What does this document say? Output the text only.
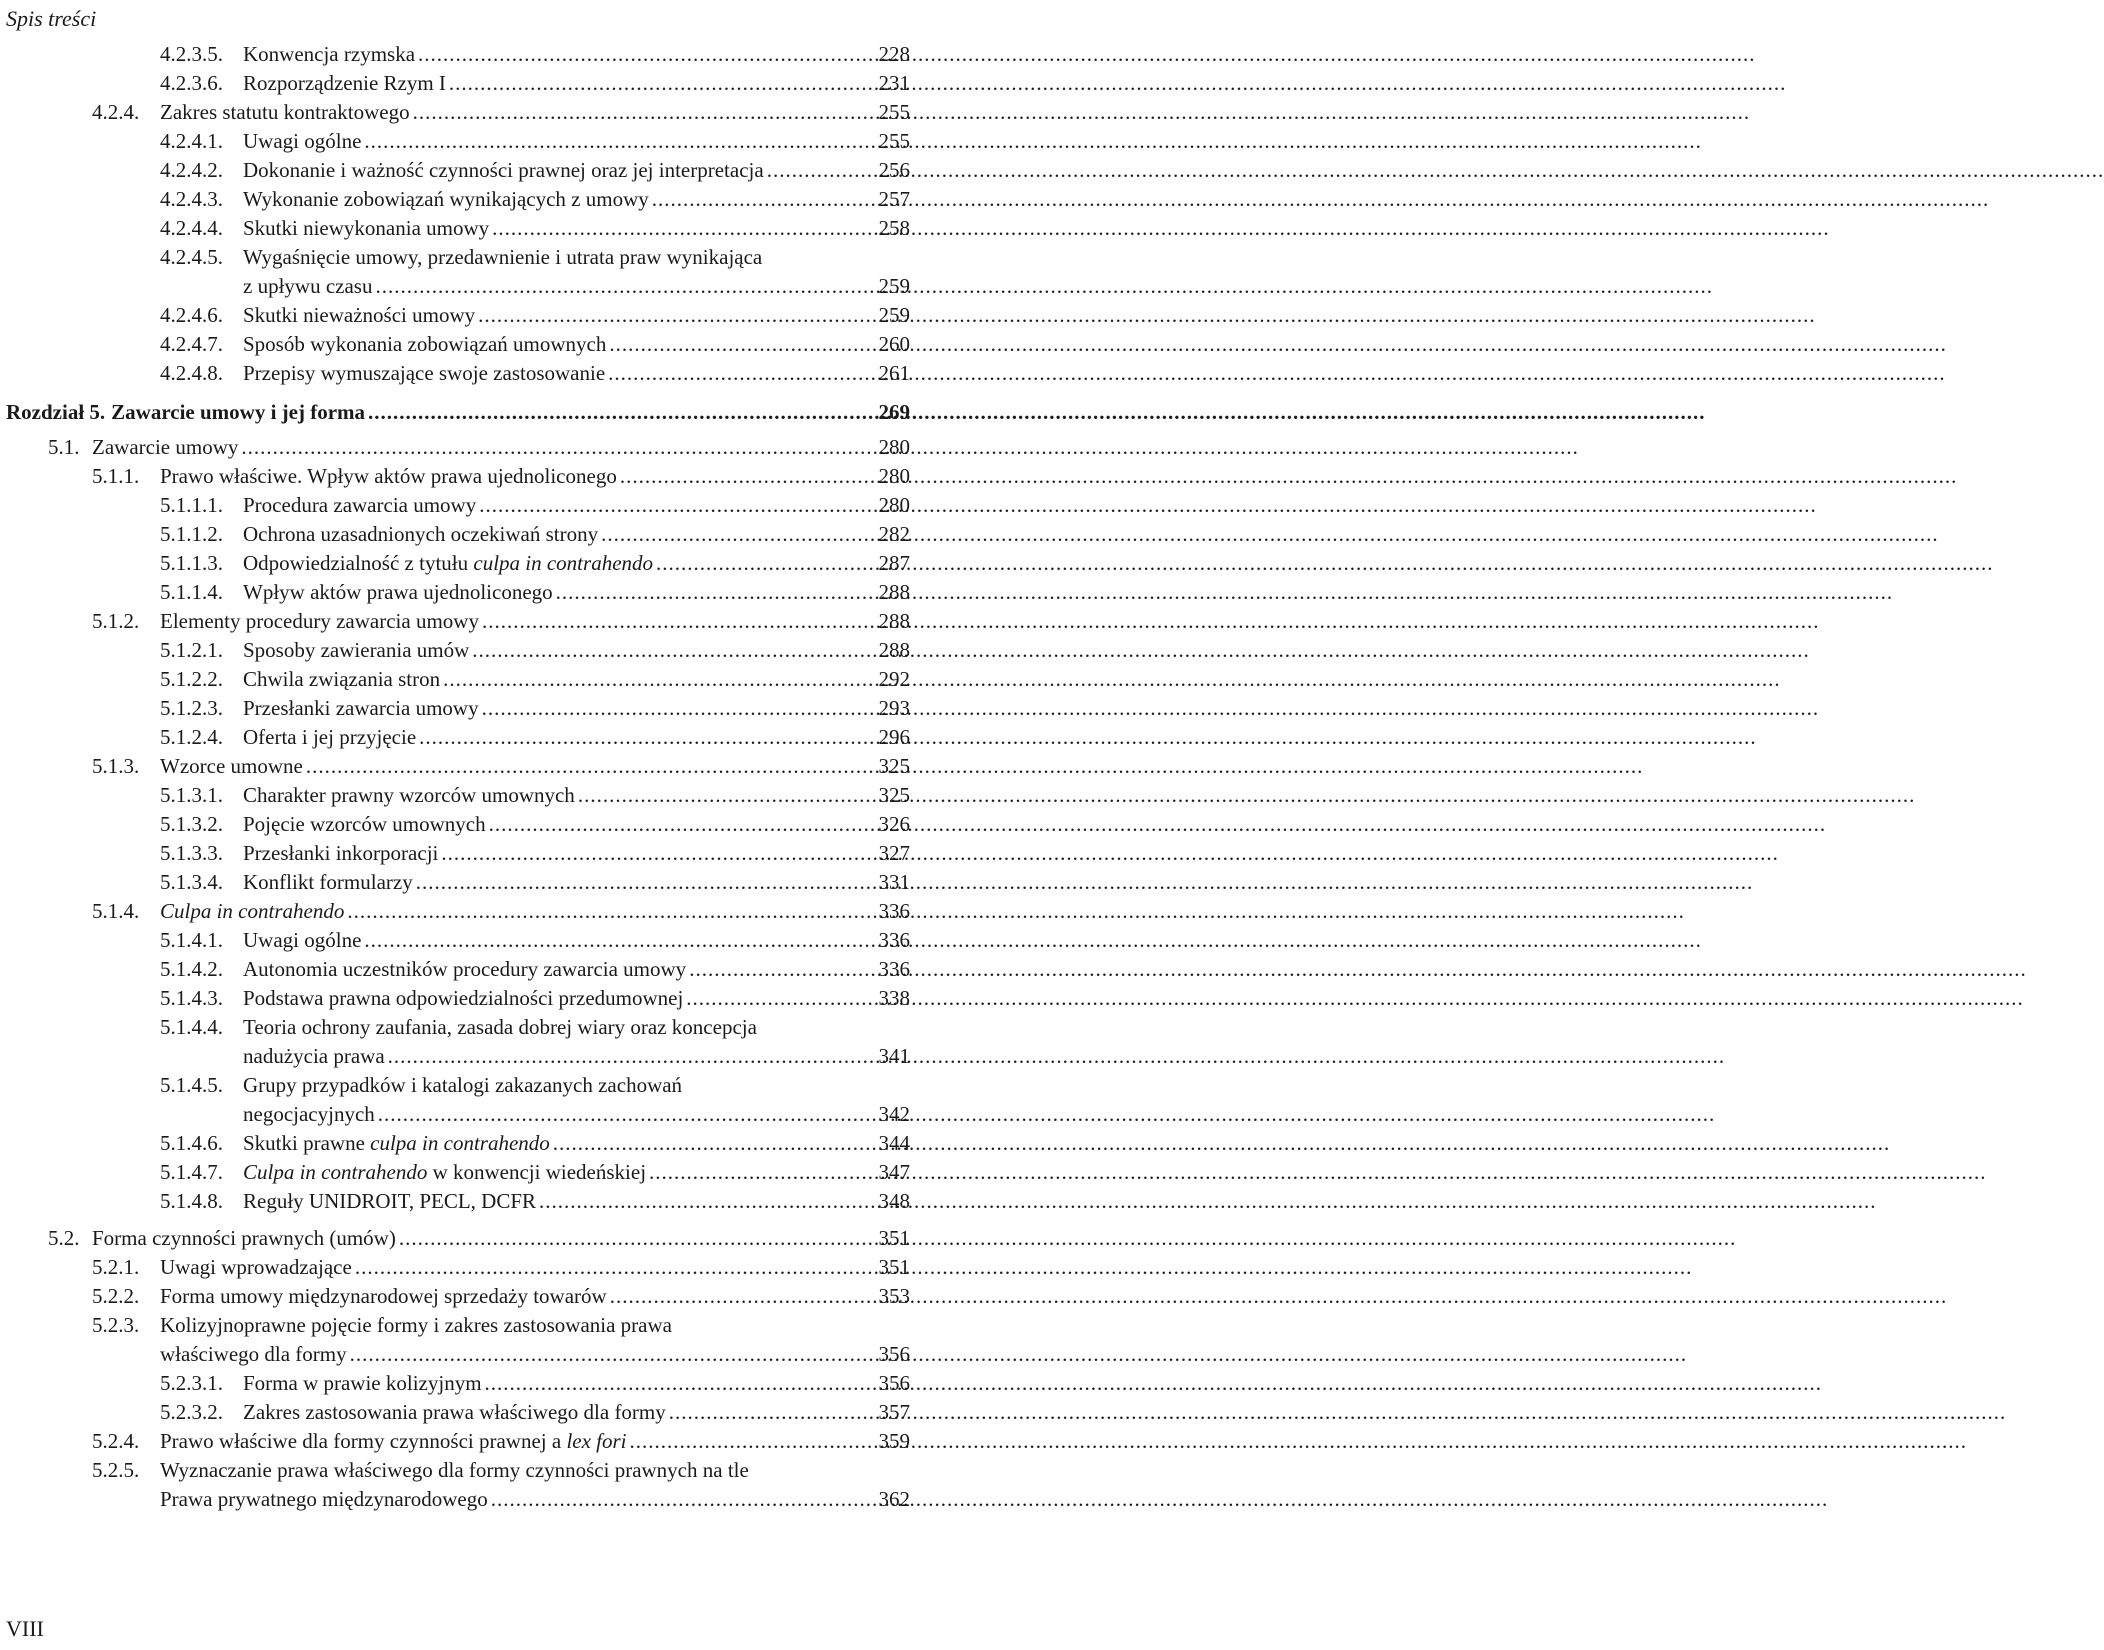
Spis treści
4.2.3.5. Konwencja rzymska .....	228
4.2.3.6. Rozporządzenie Rzym I .....	231
4.2.4. Zakres statutu kontraktowego .....	255
4.2.4.1. Uwagi ogólne .....	255
4.2.4.2. Dokonanie i ważność czynności prawnej oraz jej interpretacja .....	256
4.2.4.3. Wykonanie zobowiązań wynikających z umowy .....	257
4.2.4.4. Skutki niewykonania umowy .....	258
4.2.4.5. Wygaśnięcie umowy, przedawnienie i utrata praw wynikająca
z upływu czasu .....	259
4.2.4.6. Skutki nieważności umowy .....	259
4.2.4.7. Sposób wykonania zobowiązań umownych .....	260
4.2.4.8. Przepisy wymuszające swoje zastosowanie .....	261
Rozdział 5. Zawarcie umowy i jej forma .....	269
5.1. Zawarcie umowy .....	280
5.1.1. Prawo właściwe. Wpływ aktów prawa ujednoliconego .....	280
5.1.1.1. Procedura zawarcia umowy .....	280
5.1.1.2. Ochrona uzasadnionych oczekiwań strony .....	282
5.1.1.3. Odpowiedzialność z tytułu culpa in contrahendo .....	287
5.1.1.4. Wpływ aktów prawa ujednoliconego .....	288
5.1.2. Elementy procedury zawarcia umowy .....	288
5.1.2.1. Sposoby zawierania umów .....	288
5.1.2.2. Chwila związania stron .....	292
5.1.2.3. Przesłanki zawarcia umowy .....	293
5.1.2.4. Oferta i jej przyjęcie .....	296
5.1.3. Wzorce umowne .....	325
5.1.3.1. Charakter prawny wzorców umownych .....	325
5.1.3.2. Pojęcie wzorców umownych .....	326
5.1.3.3. Przesłanki inkorporacji .....	327
5.1.3.4. Konflikt formularzy .....	331
5.1.4. Culpa in contrahendo .....	336
5.1.4.1. Uwagi ogólne .....	336
5.1.4.2. Autonomia uczestników procedury zawarcia umowy .....	336
5.1.4.3. Podstawa prawna odpowiedzialności przedumownej .....	338
5.1.4.4. Teoria ochrony zaufania, zasada dobrej wiary oraz koncepcja
nadużycia prawa .....	341
5.1.4.5. Grupy przypadków i katalogi zakazanych zachowań
negocjacyjnych .....	342
5.1.4.6. Skutki prawne culpa in contrahendo .....	344
5.1.4.7. Culpa in contrahendo w konwencji wiedeńskiej .....	347
5.1.4.8. Reguły UNIDROIT, PECL, DCFR .....	348
5.2. Forma czynności prawnych (umów) .....	351
5.2.1. Uwagi wprowadzające .....	351
5.2.2. Forma umowy międzynarodowej sprzedaży towarów .....	353
5.2.3. Kolizyjnoprawne pojęcie formy i zakres zastosowania prawa
właściwego dla formy .....	356
5.2.3.1. Forma w prawie kolizyjnym .....	356
5.2.3.2. Zakres zastosowania prawa właściwego dla formy .....	357
5.2.4. Prawo właściwe dla formy czynności prawnej a lex fori .....	359
5.2.5. Wyznaczanie prawa właściwego dla formy czynności prawnych na tle
Prawa prywatnego międzynarodowego .....	362
VIII
